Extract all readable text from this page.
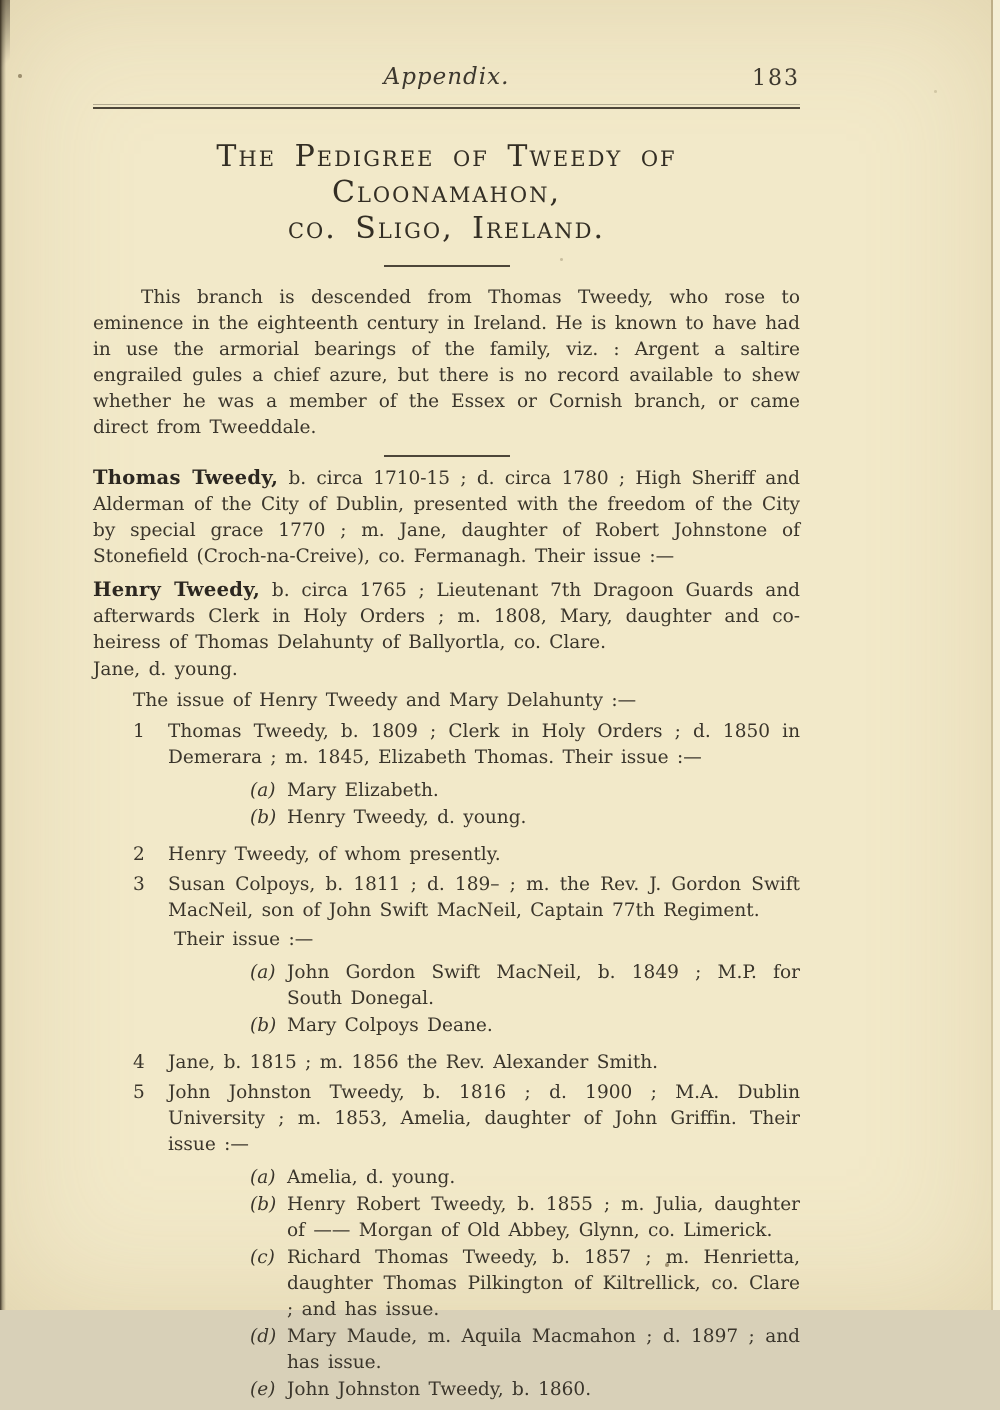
Appendix.	183
The Pedigree of Tweedy of Cloonamahon,
co. Sligo, Ireland.

This branch is descended from Thomas Tweedy, who rose to eminence in the eighteenth century in Ireland. He is known to have had in use the armorial bearings of the family, viz. : Argent a saltire engrailed gules a chief azure, but there is no record available to shew whether he was a member of the Essex or Cornish branch, or came direct from Tweeddale.

Thomas Tweedy, b. circa 1710-15 ; d. circa 1780 ; High Sheriff and Alderman of the City of Dublin, presented with the freedom of the City by special grace 1770 ; m. Jane, daughter of Robert Johnstone of Stonefield (Croch-na-Creive), co. Fermanagh. Their issue :—

Henry Tweedy, b. circa 1765 ; Lieutenant 7th Dragoon Guards and afterwards Clerk in Holy Orders ; m. 1808, Mary, daughter and co-heiress of Thomas Delahunty of Ballyortla, co. Clare.

Jane, d. young.
The issue of Henry Tweedy and Mary Delahunty :—
1	Thomas Tweedy, b. 1809 ; Clerk in Holy Orders ; d. 1850 in Demerara ; m. 1845, Elizabeth Thomas. Their issue :—
(a) Mary Elizabeth.
(b) Henry Tweedy, d. young.
2	Henry Tweedy, of whom presently.
3	Susan Colpoys, b. 1811 ; d. 189– ; m. the Rev. J. Gordon Swift MacNeil, son of John Swift MacNeil, Captain 77th Regiment.
Their issue :—
(a) John Gordon Swift MacNeil, b. 1849 ; M.P. for South Donegal.
(b) Mary Colpoys Deane.
4	Jane, b. 1815 ; m. 1856 the Rev. Alexander Smith.
5	John Johnston Tweedy, b. 1816 ; d. 1900 ; M.A. Dublin University ; m. 1853, Amelia, daughter of John Griffin. Their issue :—
(a) Amelia, d. young.
(b) Henry Robert Tweedy, b. 1855 ; m. Julia, daughter of —— Morgan of Old Abbey, Glynn, co. Limerick.
(c) Richard Thomas Tweedy, b. 1857 ; m. Henrietta, daughter Thomas Pilkington of Kiltrellick, co. Clare ; and has issue.
(d) Mary Maude, m. Aquila Macmahon ; d. 1897 ; and has issue.
(e) John Johnston Tweedy, b. 1860.
